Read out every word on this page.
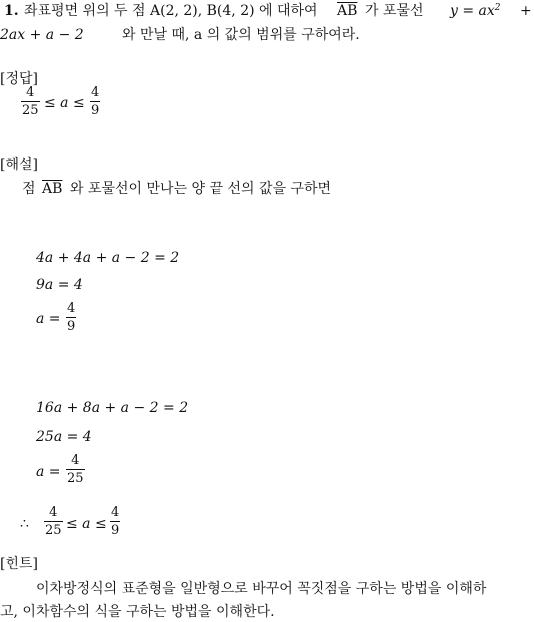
1. 좌표평면 위의 두 점 A(2, 2), B(4, 2) 에 대하여 $\overline{AB}$ 가 포물선 $y = ax^2$ +
2ax + a − 2	와 만날 때, a 의 값의 범위를 구하여라.
[정답]
4
25 ≤ a ≤
4
9
[해설]
점 $\overline{AB}$ 와 포물선이 만나는 양 끝 선의 값을 구하면
4a + 4a + a − 2 = 2
9a = 4
a =
4
9
16a + 8a + a − 2 = 2
25a = 4
a =
4
25
∴
4
25 ≤ a ≤
4
9
[힌트]
이차방정식의 표준형을 일반형으로 바꾸어 꼭짓점을 구하는 방법을 이해하
고, 이차함수의 식을 구하는 방법을 이해한다.
